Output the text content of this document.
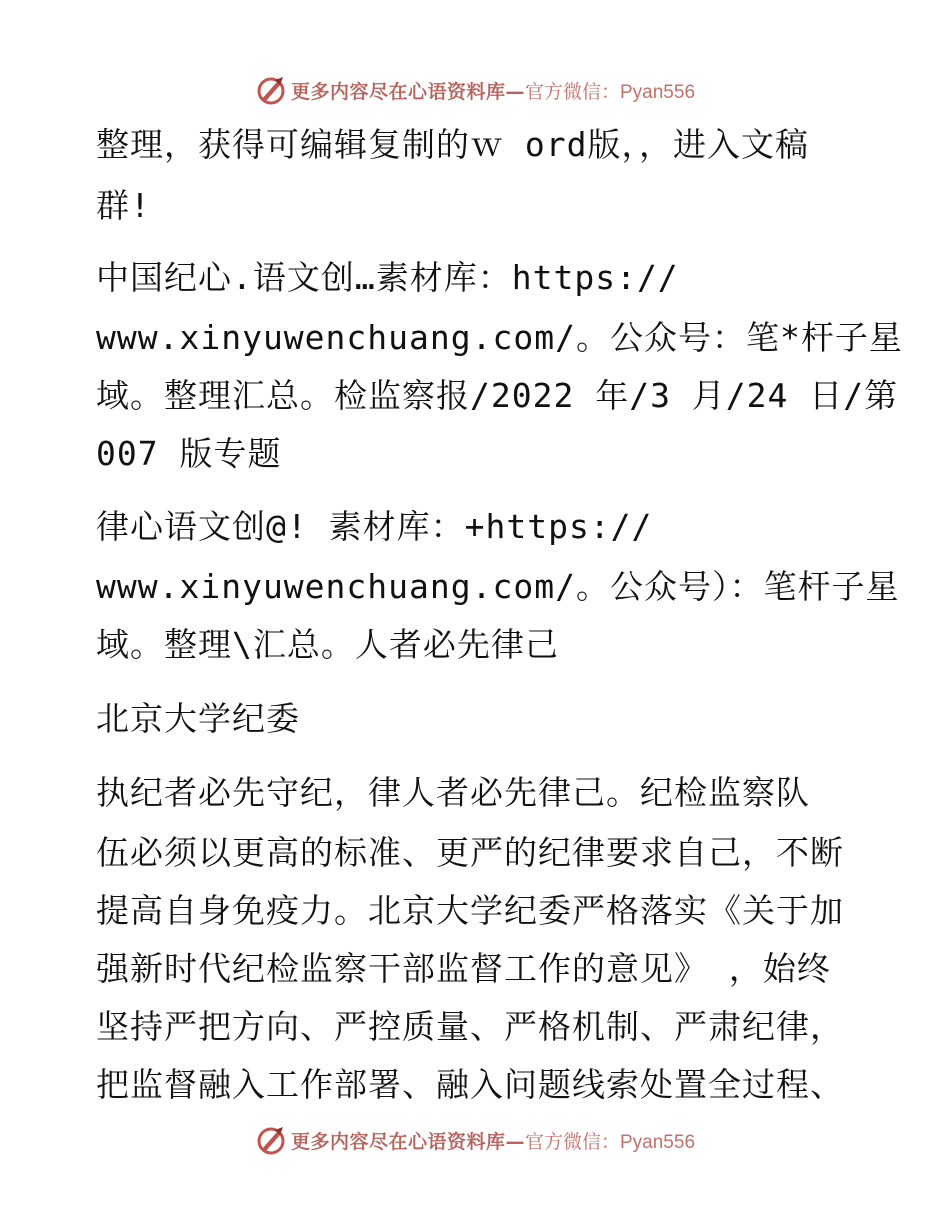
更多内容尽在心语资料库— 官方微信：Pyan556
整理，获得可编辑复制的ｗ ord版，，进入文稿
群!
中国纪心.语文创…素材库：https://
www.xinyuwenchuang.com/。公众号：笔*杆子星
域。整理汇总。检监察报/2022 年/3 月/24 日/第
007 版专题
律心语文创@! 素材库：+https://
www.xinyuwenchuang.com/。公众号）：笔杆子星
域。整理\汇总。人者必先律己
北京大学纪委
执纪者必先守纪，律人者必先律己。纪检监察队
伍必须以更高的标准、更严的纪律要求自己，不断
提高自身免疫力。北京大学纪委严格落实《关于加
强新时代纪检监察干部监督工作的意见》 ，始终
坚持严把方向、严控质量、严格机制、严肃纪律，
把监督融入工作部署、融入问题线索处置全过程、
更多内容尽在心语资料库— 官方微信：Pyan556
